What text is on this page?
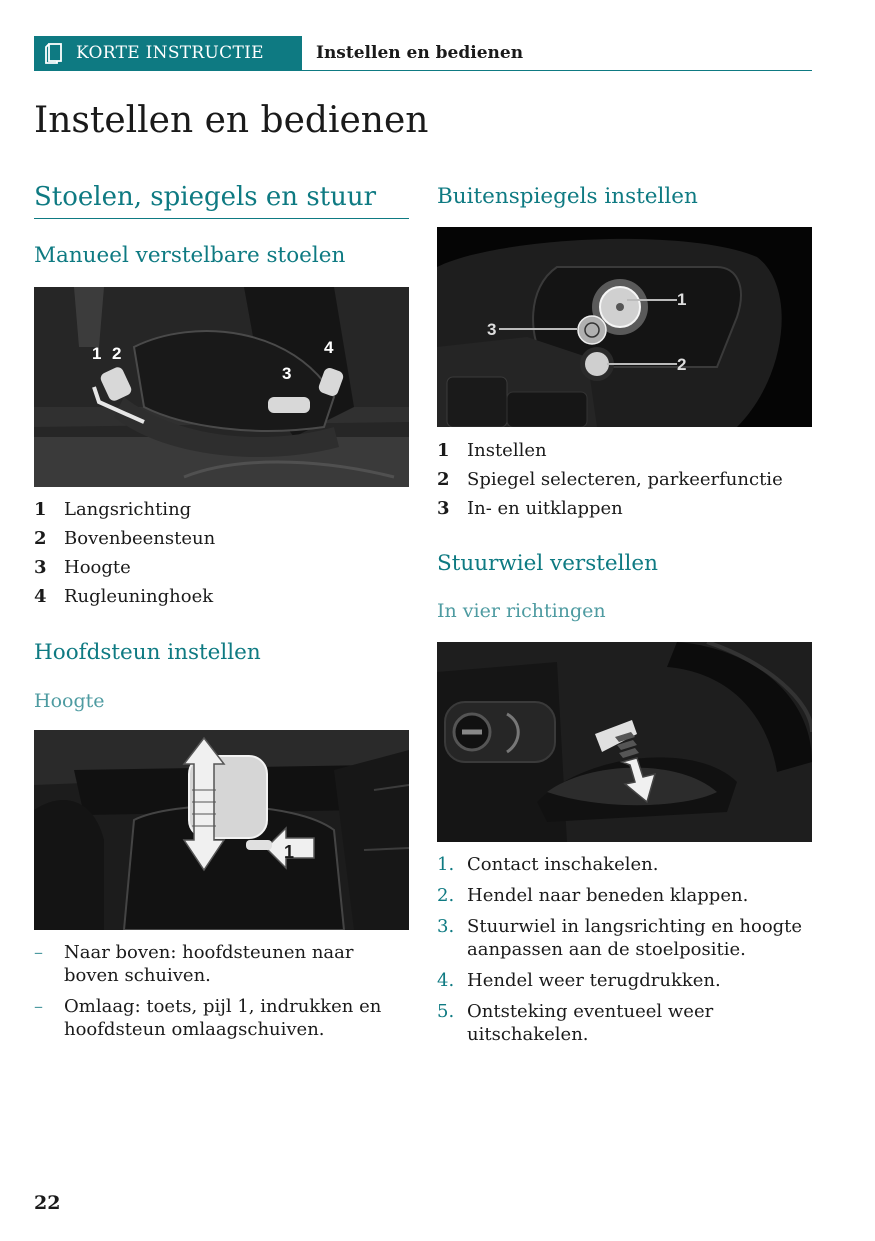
KORTE INSTRUCTIE	Instellen en bedienen
Instellen en bedienen
Stoelen, spiegels en stuur
Manueel verstelbare stoelen
1 2
3
4
1 Langsrichting
2 Bovenbeensteun
3 Hoogte
4 Rugleuninghoek
Hoofdsteun instellen
Hoogte
1
–	Naar boven: hoofdsteunen naar boven schuiven.
–	Omlaag: toets, pijl 1, indrukken en hoofdsteun omlaagschuiven.
Buitenspiegels instellen
1
2
3
1 Instellen
2 Spiegel selecteren, parkeerfunctie
3 In- en uitklappen
Stuurwiel verstellen
In vier richtingen
1. Contact inschakelen.
2. Hendel naar beneden klappen.
3. Stuurwiel in langsrichting en hoogte aanpassen aan de stoelpositie.
4. Hendel weer terugdrukken.
5. Ontsteking eventueel weer uitschakelen.
22
